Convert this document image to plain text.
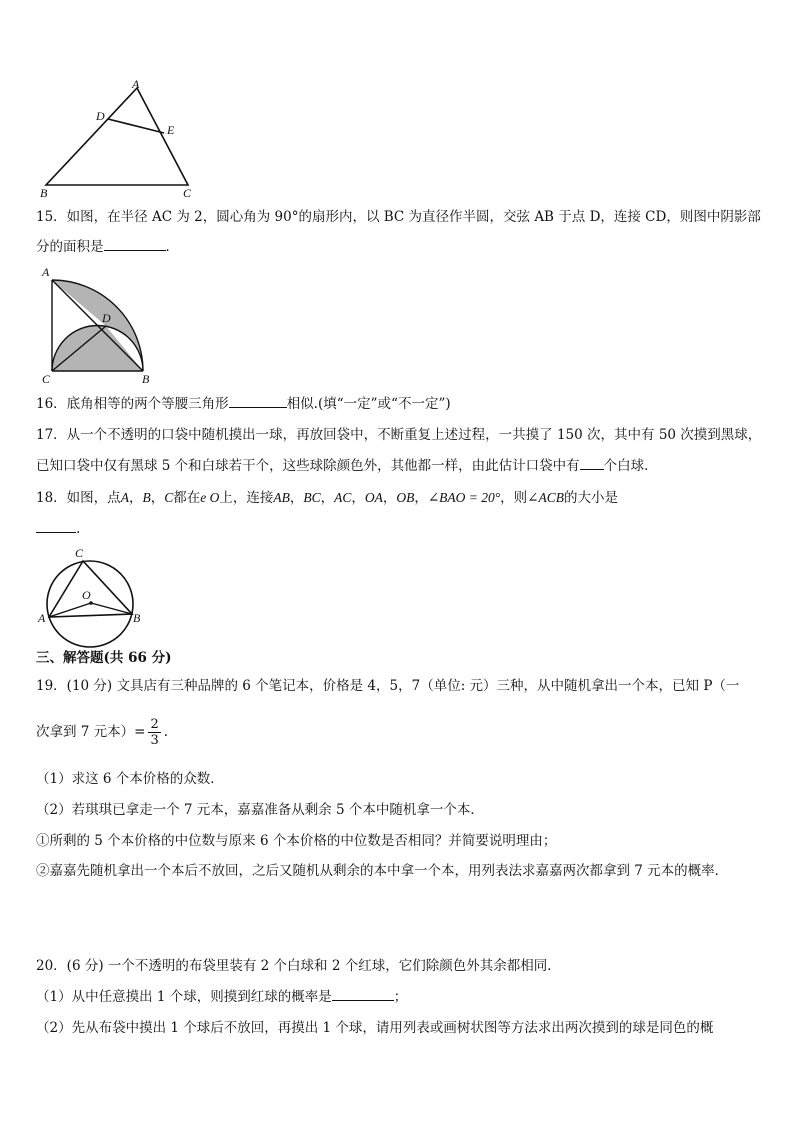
A
D
E
B	C
15．如图，在半径 AC 为 2，圆心角为 90°的扇形内，以 BC 为直径作半圆，交弦 AB 于点 D，连接 CD，则图中阴影部
分的面积是	．
A
D
C	B
16．底角相等的两个等腰三角形	相似.(填“一定”或“不一定”)
17．从一个不透明的口袋中随机摸出一球，再放回袋中，不断重复上述过程，一共摸了 150 次，其中有 50 次摸到黑球，
已知口袋中仅有黑球 5 个和白球若干个，这些球除颜色外，其他都一样，由此估计口袋中有 个白球．
18．如图，点A，B，C都在e O上，连接AB，BC，AC，OA，OB，∠BAO = 20°，则∠ACB的大小是
.
C
O
A	B
三、解答题(共 66 分)
19．(10 分) 文具店有三种品牌的 6 个笔记本，价格是 4，5，7（单位: 元）三种，从中随机拿出一个本，已知 P（一
次拿到 7 元本）= $\frac{2}{3}$ .
（1）求这 6 个本价格的众数．
（2）若琪琪已拿走一个 7 元本，嘉嘉准备从剩余 5 个本中随机拿一个本．
①所剩的 5 个本价格的中位数与原来 6 个本价格的中位数是否相同？并简要说明理由；
②嘉嘉先随机拿出一个本后不放回，之后又随机从剩余的本中拿一个本，用列表法求嘉嘉两次都拿到 7 元本的概率．
20．(6 分) 一个不透明的布袋里装有 2 个白球和 2 个红球，它们除颜色外其余都相同．
（1）从中任意摸出 1 个球，则摸到红球的概率是	；
（2）先从布袋中摸出 1 个球后不放回，再摸出 1 个球，请用列表或画树状图等方法求出两次摸到的球是同色的概
